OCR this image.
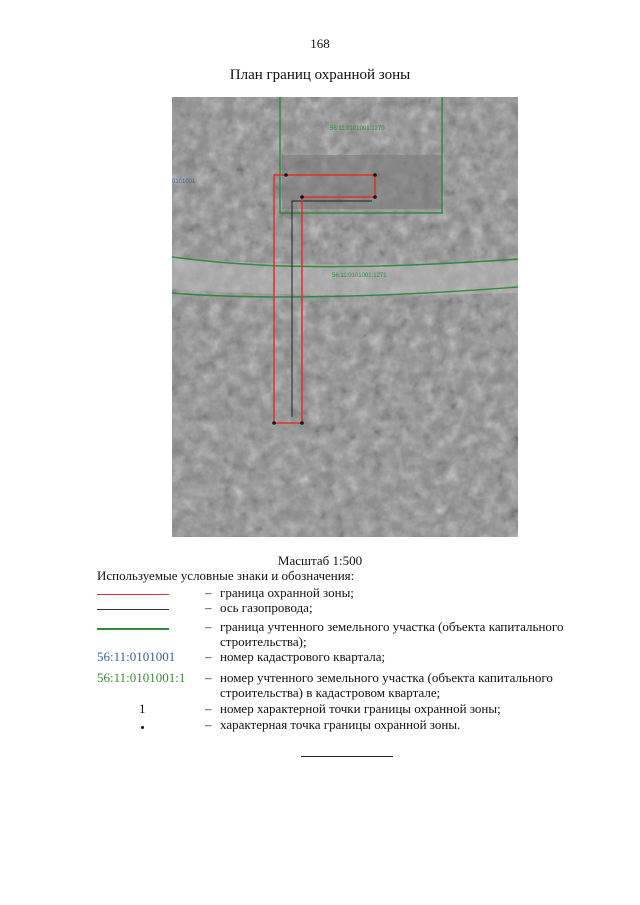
168
План границ охранной зоны
56:11:0101001:1270
56:11:0101001:1271
0101001
Масштаб 1:500
Используемые условные знаки и обозначения:
– граница охранной зоны;
– ось газопровода;
– граница учтенного земельного участка (объекта капитального строительства);
56:11:0101001 – номер кадастрового квартала;
56:11:0101001:1 – номер учтенного земельного участка (объекта капитального строительства) в кадастровом квартале;
1	– номер характерной точки границы охранной зоны;
– характерная точка границы охранной зоны.
